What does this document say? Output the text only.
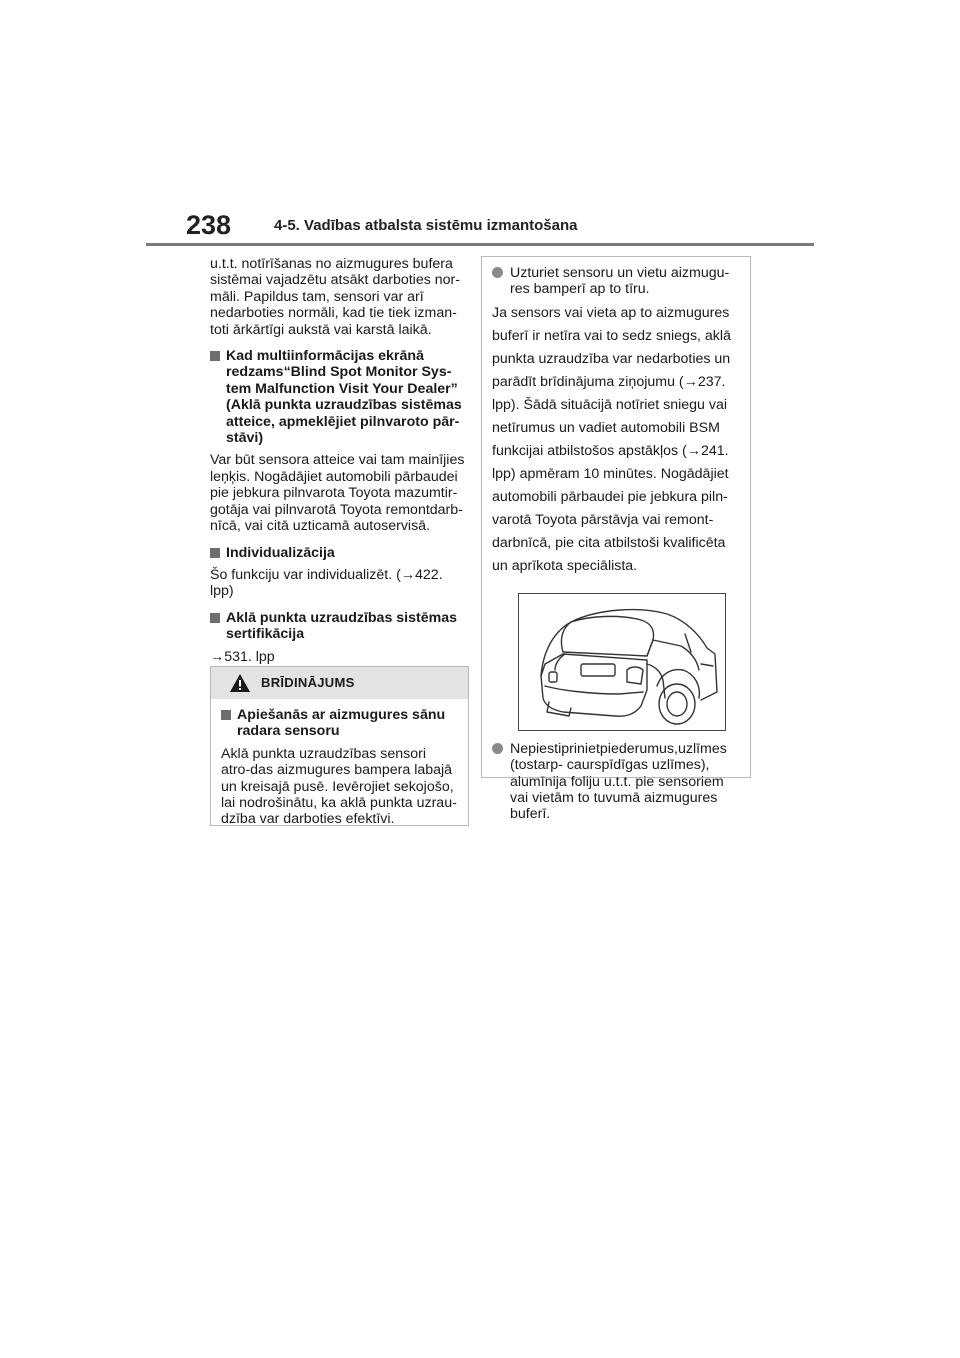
238	4-5. Vadības atbalsta sistēmu izmantošana

u.t.t. notīrīšanas no aizmugures bufera sistēmai vajadzētu atsākt darboties nor-māli. Papildus tam, sensori var arī nedarboties normāli, kad tie tiek izman-toti ārkārtīgi aukstā vai karstā laikā.

Kad multiinformācijas ekrānā redzams“Blind Spot Monitor Sys-tem Malfunction Visit Your Dealer” (Aklā punkta uzraudzības sistēmas atteice, apmeklējiet pilnvaroto pār-stāvi)

Var būt sensora atteice vai tam mainījies leņķis. Nogādājiet automobili pārbaudei pie jebkura pilnvarota Toyota mazumtir-gotāja vai pilnvarotā Toyota remontdarb-nīcā, vai citā uzticamā autoservisā.

Individualizācija

Šo funkciju var individualizēt. (→422. lpp)

Aklā punkta uzraudzības sistēmas sertifikācija

→531. lpp

BRĪDINĀJUMS
Apiešanās ar aizmugures sānu radara sensoru

Aklā punkta uzraudzības sensori atro-das aizmugures bampera labajā un kreisajā pusē. Ievērojiet sekojošo, lai nodrošinātu, ka aklā punkta uzrau-dzība var darboties efektīvi.

Uzturiet sensoru un vietu aizmugu-res bamperī ap to tīru.

Ja sensors vai vieta ap to aizmugures buferī ir netīra vai to sedz sniegs, aklā punkta uzraudzība var nedarboties un parādīt brīdinājuma ziņojumu (→237. lpp). Šādā situācijā notīriet sniegu vai netīrumus un vadiet automobili BSM funkcijai atbilstošos apstākļos (→241. lpp) apmēram 10 minūtes. Nogādājiet automobili pārbaudei pie jebkura piln-varotā Toyota pārstāvja vai remont-darbnīcā, pie cita atbilstoši kvalificēta un aprīkota speciālista.

Nepiestiprinietpiederumus,uzlīmes (tostarp- caurspīdīgas uzlīmes), alumīnija foliju u.t.t. pie sensoriem vai vietām to tuvumā aizmugures buferī.
